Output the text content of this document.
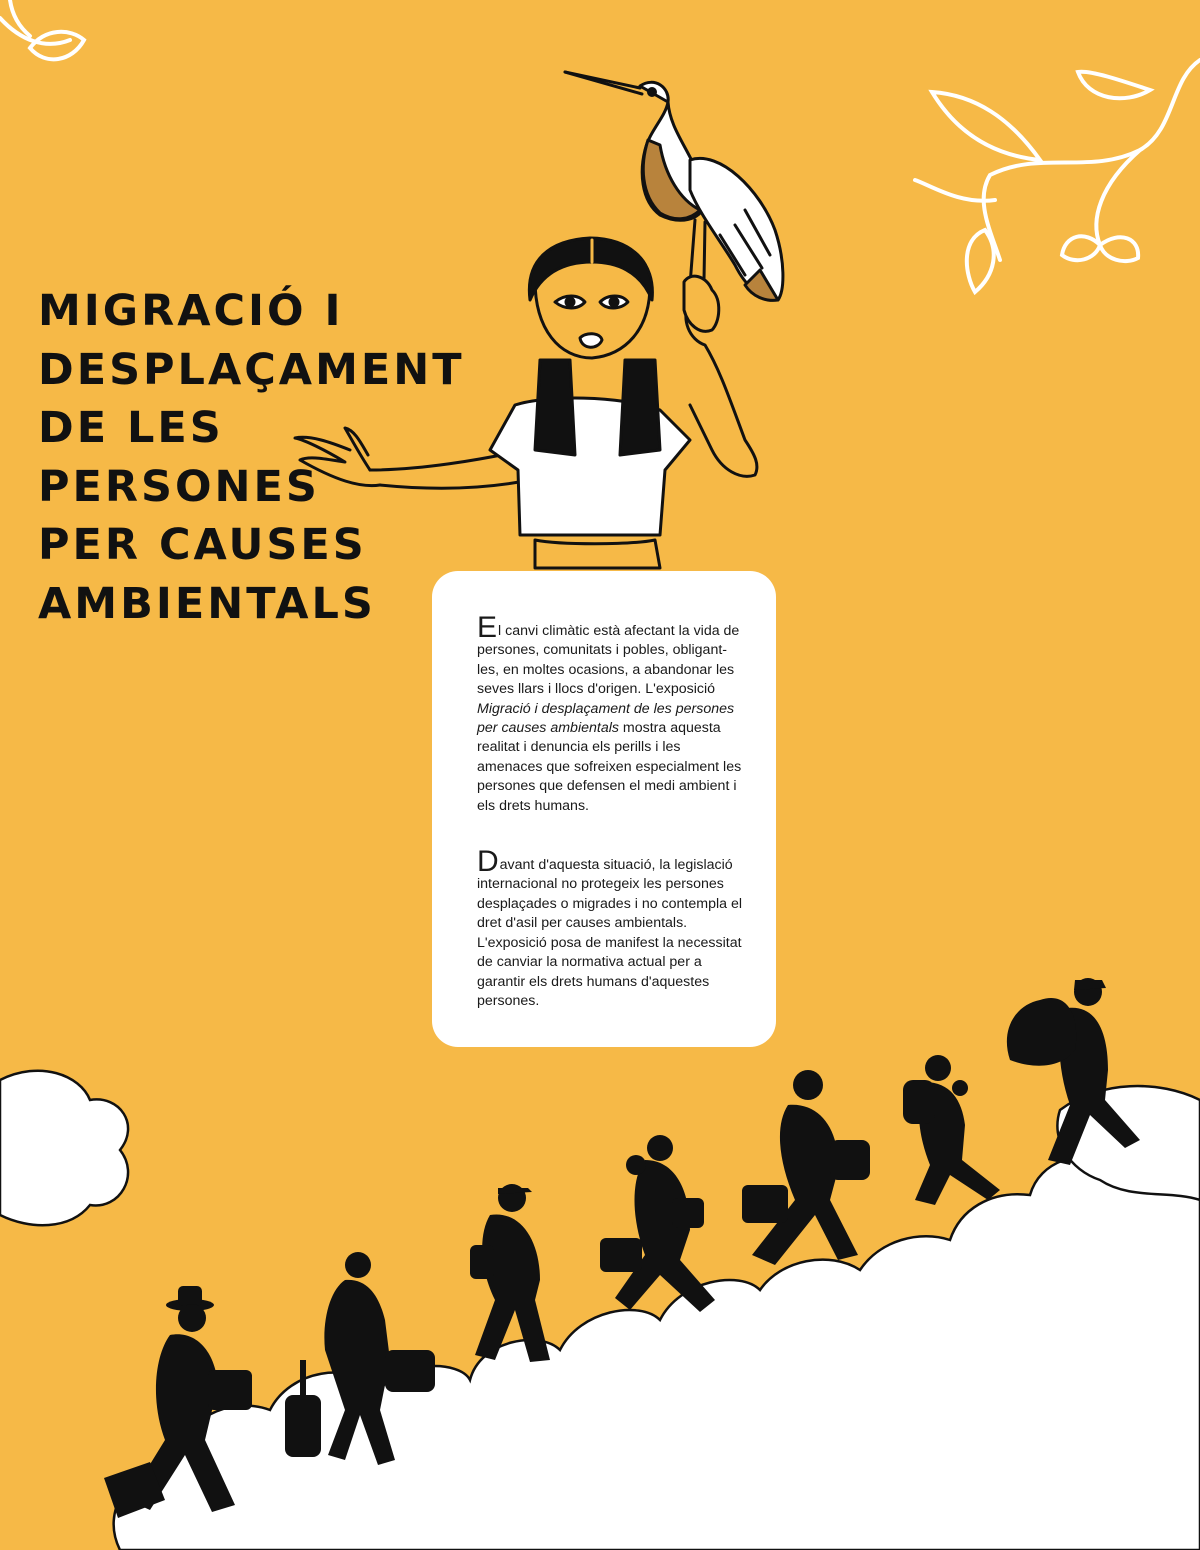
MIGRACIÓ I
DESPLAÇAMENT
DE LES
PERSONES
PER CAUSES
AMBIENTALS	El canvi climàtic està afectant la vida de persones, comunitats i pobles, obligant-les, en moltes ocasions, a abandonar les seves llars i llocs d'origen. L'exposició Migració i desplaçament de les persones per causes ambientals mostra aquesta realitat i denuncia els perills i les amenaces que sofreixen especialment les persones que defensen el medi ambient i els drets humans.

Davant d'aquesta situació, la legislació internacional no protegeix les persones desplaçades o migrades i no contempla el dret d'asil per causes ambientals. L'exposició posa de manifest la necessitat de canviar la normativa actual per a garantir els drets humans d'aquestes persones.
